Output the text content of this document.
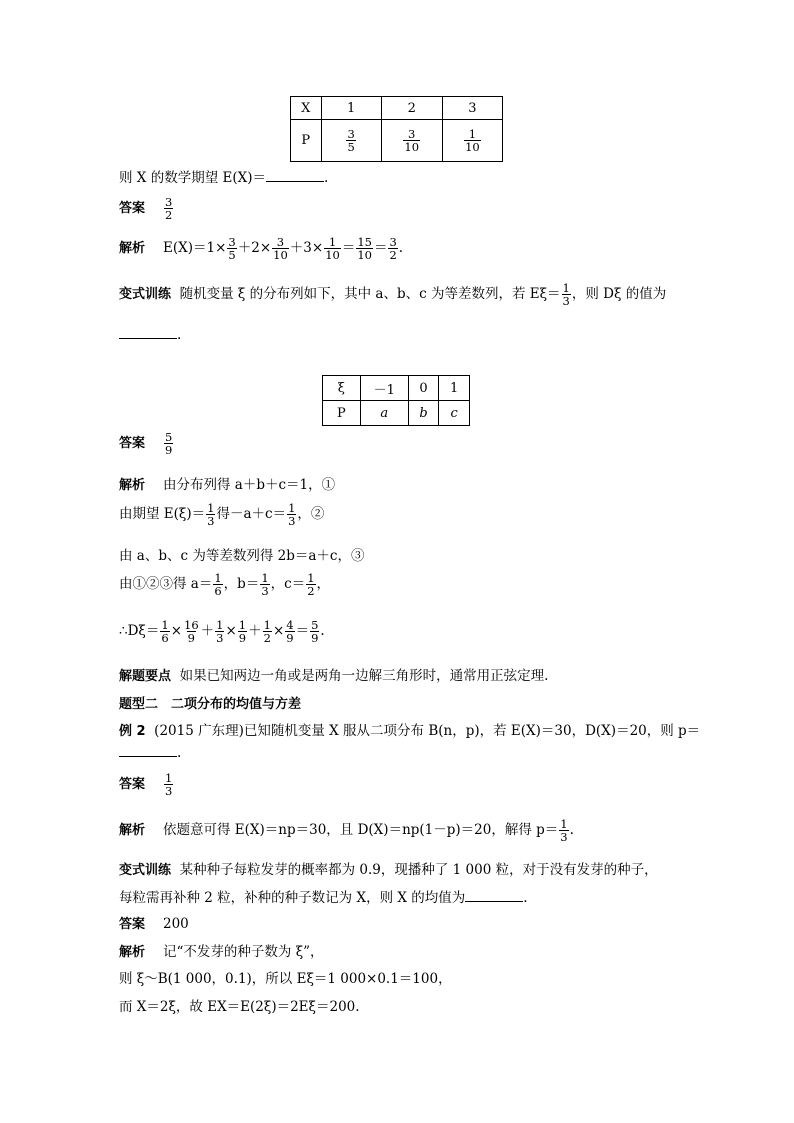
X	1	2	3
P	$\frac{3}{5}$	$\frac{3}{10}$	$\frac{1}{10}$
则 X 的数学期望 E(X)＝	.
答案 $\frac{3}{2}$
解析 $E(X)=1\times \frac{3}{5} +2\times \frac{3}{10} +3\times \frac{1}{10} = \frac{15}{10} = \frac{3}{2}$ .
变式训练 随机变量 ξ 的分布列如下，其中 a、b、c 为等差数列，若 $E\xi= \frac{1}{3}$ ，则 Dξ 的值为
.
ξ	－1	0	1
P	a	b	c
答案 $\frac{5}{9}$
解析 由分布列得 a＋b＋c＝1，①
由期望 $E(\xi)= \frac{1}{3}$ 得$-a+c= \frac{1}{3}$ ，②
由 a、b、c 为等差数列得 2b＝a＋c，③
由①②③得 $a= \frac{1}{6}$ ，$b= \frac{1}{3}$ ，$c= \frac{1}{2}$ ，
∴Dξ＝ $\frac{1}{6} \times \frac{16}{9} + \frac{1}{3} \times \frac{1}{9} + \frac{1}{2} \times \frac{4}{9} = \frac{5}{9}$ .
解题要点 如果已知两边一角或是两角一边解三角形时，通常用正弦定理.
题型二　二项分布的均值与方差
例 2 (2015 广东理)已知随机变量 X 服从二项分布 B(n，p)，若 E(X)＝30，D(X)＝20，则 p＝
.
答案 $\frac{1}{3}$
解析 依题意可得 E(X)＝np＝30，且 D(X)＝np(1－p)＝20，解得 $p= \frac{1}{3}$ .
变式训练 某种种子每粒发芽的概率都为 0.9，现播种了 1 000 粒，对于没有发芽的种子，
每粒需再补种 2 粒，补种的种子数记为 X，则 X 的均值为	.
答案 200
解析 记“不发芽的种子数为 ξ”，
则 ξ～B(1 000，0.1)，所以 Eξ＝1 000×0.1＝100，
而 X＝2ξ，故 EX＝E(2ξ)＝2Eξ＝200.
